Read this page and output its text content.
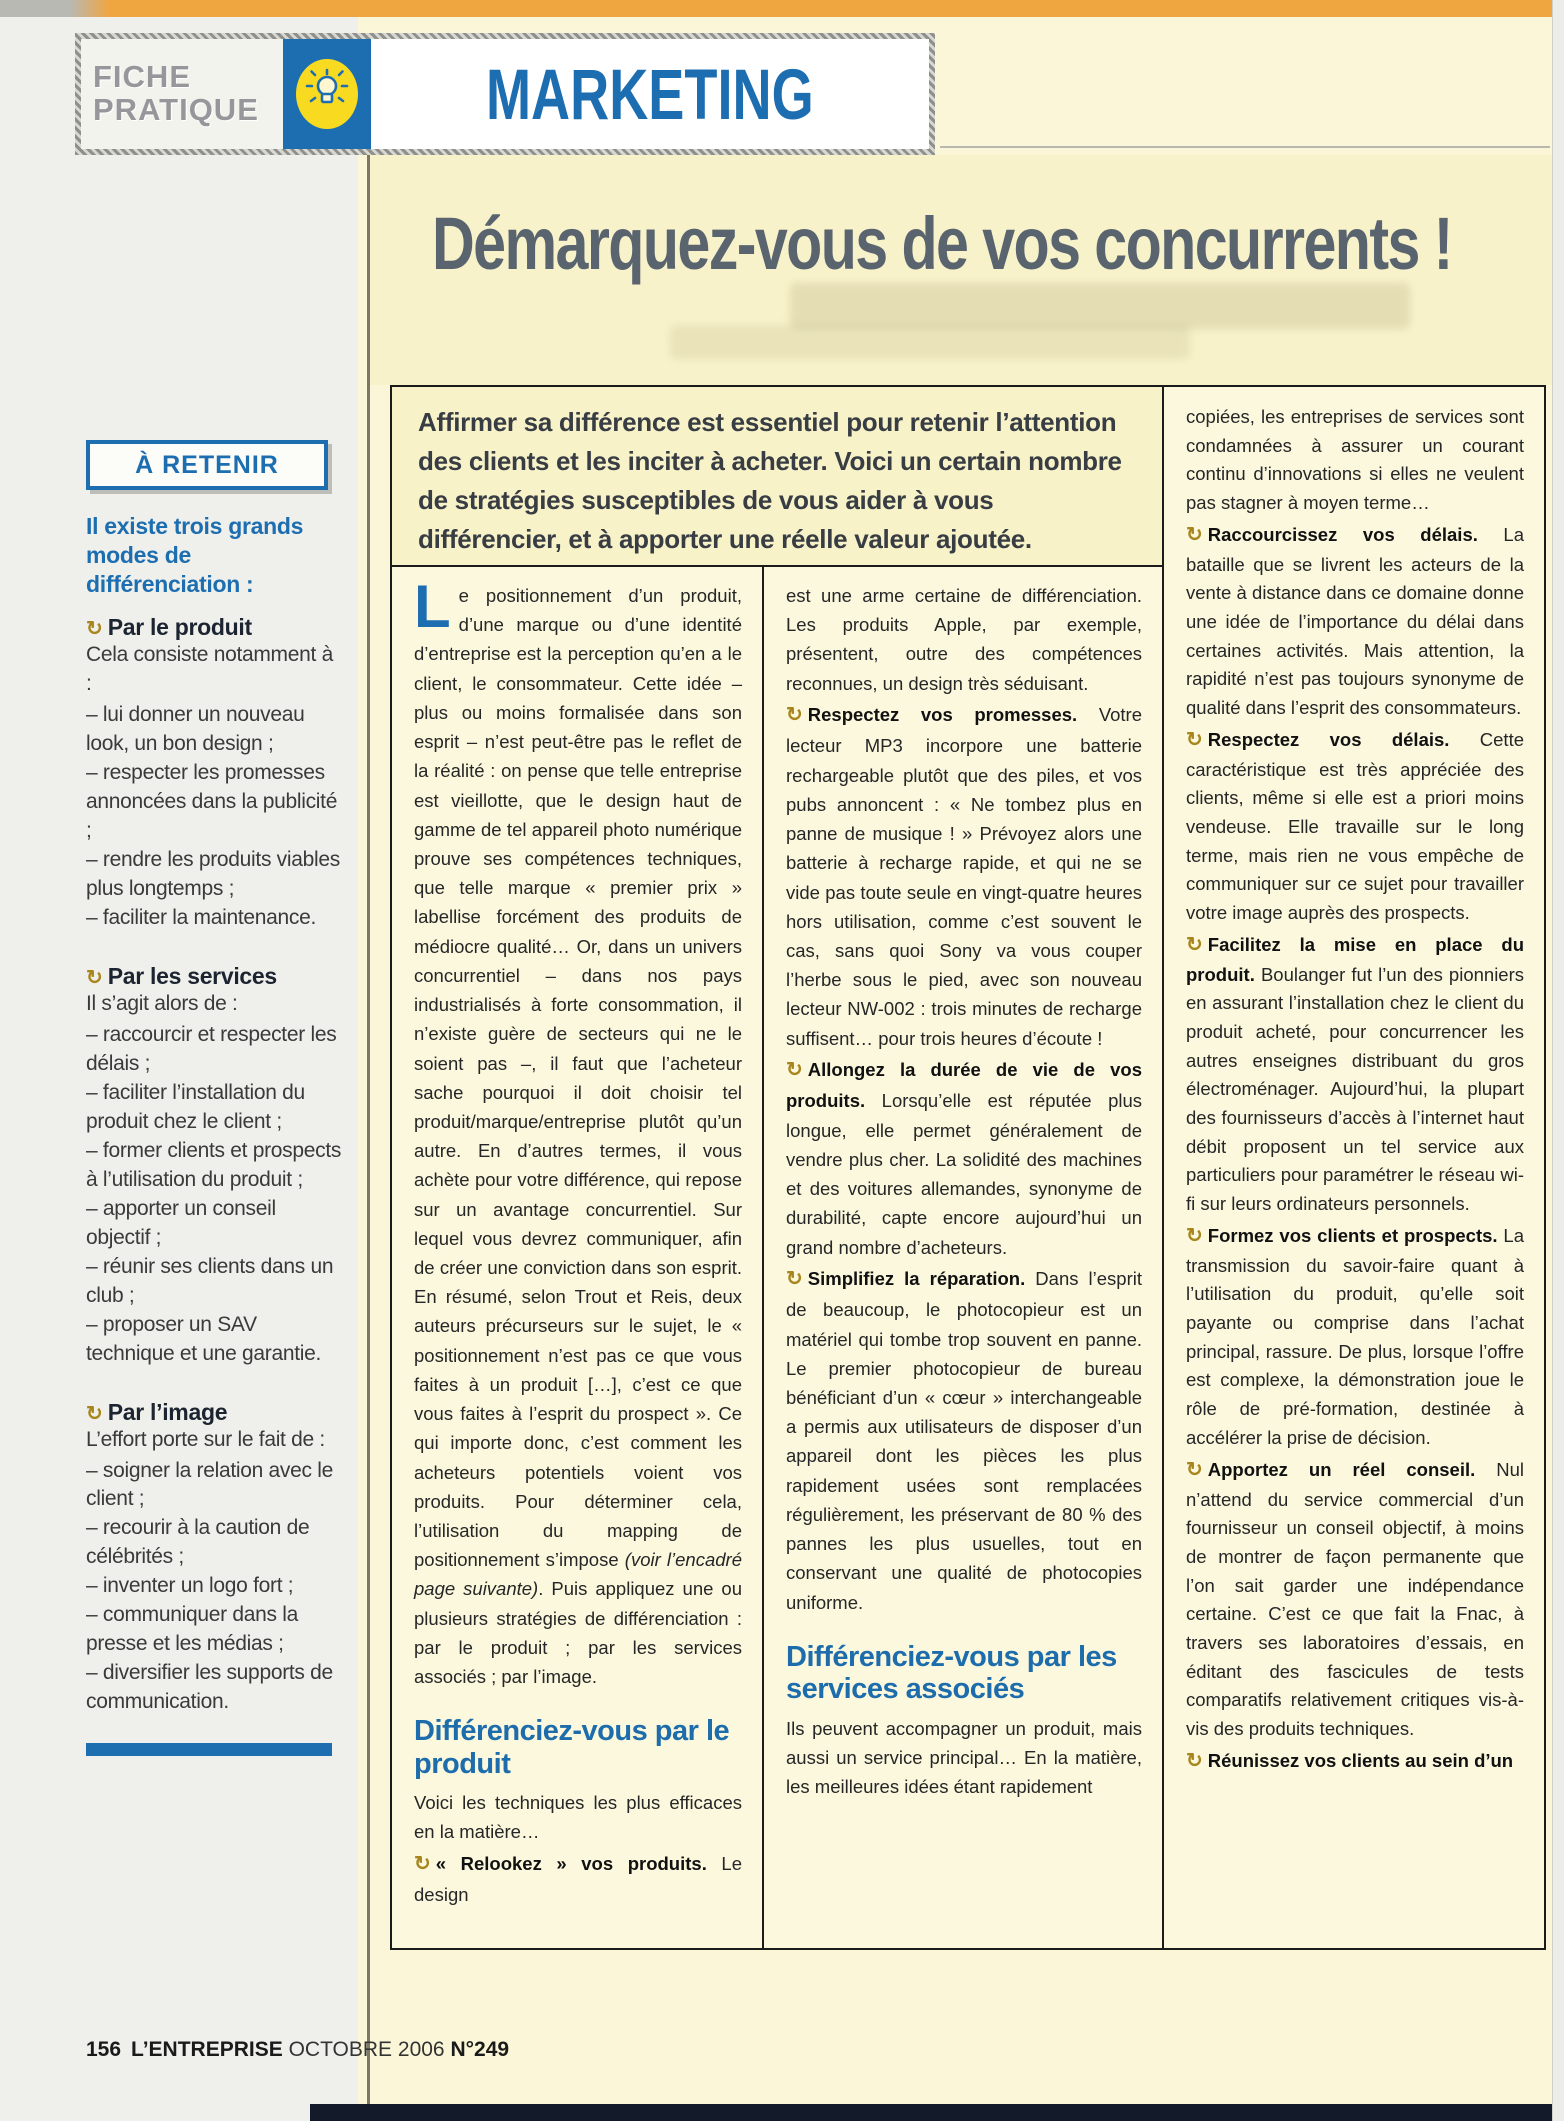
FICHE
PRATIQUE	MARKETING
Démarquez-vous de vos concurrents !

Affirmer sa différence est essentiel pour retenir l’attention des clients et les inciter à acheter. Voici un certain nombre de stratégies susceptibles de vous aider à vous différencier, et à apporter une réelle valeur ajoutée.

Le positionnement d’un produit, d’une marque ou d’une identité d’entreprise est la perception qu’en a le client, le consommateur. Cette idée – plus ou moins formalisée dans son esprit – n’est peut-être pas le reflet de la réalité : on pense que telle entreprise est vieillotte, que le design haut de gamme de tel appareil photo numérique prouve ses compétences techniques, que telle marque « premier prix » labellise forcément des produits de médiocre qualité… Or, dans un univers concurrentiel – dans nos pays industrialisés à forte consommation, il n’existe guère de secteurs qui ne le soient pas –, il faut que l’acheteur sache pourquoi il doit choisir tel produit/marque/entreprise plutôt qu’un autre. En d’autres termes, il vous achète pour votre différence, qui repose sur un avantage concurrentiel. Sur lequel vous devrez communiquer, afin de créer une conviction dans son esprit. En résumé, selon Trout et Reis, deux auteurs précurseurs sur le sujet, le « positionnement n’est pas ce que vous faites à un produit […], c’est ce que vous faites à l’esprit du prospect ». Ce qui importe donc, c’est comment les acheteurs potentiels voient vos produits. Pour déterminer cela, l’utilisation du mapping de positionnement s’impose (voir l’encadré page suivante). Puis appliquez une ou plusieurs stratégies de différenciation : par le produit ; par les services associés ; par l’image.

Différenciez-vous par le produit

Voici les techniques les plus efficaces en la matière…

↻ « Relookez » vos produits. Le design

est une arme certaine de différenciation. Les produits Apple, par exemple, présentent, outre des compétences reconnues, un design très séduisant.

↻ Respectez vos promesses. Votre lecteur MP3 incorpore une batterie rechargeable plutôt que des piles, et vos pubs annoncent : « Ne tombez plus en panne de musique ! » Prévoyez alors une batterie à recharge rapide, et qui ne se vide pas toute seule en vingt-quatre heures hors utilisation, comme c’est souvent le cas, sans quoi Sony va vous couper l’herbe sous le pied, avec son nouveau lecteur NW-002 : trois minutes de recharge suffisent… pour trois heures d’écoute !

↻ Allongez la durée de vie de vos produits. Lorsqu’elle est réputée plus longue, elle permet généralement de vendre plus cher. La solidité des machines et des voitures allemandes, synonyme de durabilité, capte encore aujourd’hui un grand nombre d’acheteurs.

↻ Simplifiez la réparation. Dans l’esprit de beaucoup, le photocopieur est un matériel qui tombe trop souvent en panne. Le premier photocopieur de bureau bénéficiant d’un « cœur » interchangeable a permis aux utilisateurs de disposer d’un appareil dont les pièces les plus rapidement usées sont remplacées régulièrement, les préservant de 80 % des pannes les plus usuelles, tout en conservant une qualité de photocopies uniforme.

Différenciez-vous par les services associés

Ils peuvent accompagner un produit, mais aussi un service principal… En la matière, les meilleures idées étant rapidement

copiées, les entreprises de services sont condamnées à assurer un courant continu d’innovations si elles ne veulent pas stagner à moyen terme…

↻ Raccourcissez vos délais. La bataille que se livrent les acteurs de la vente à distance dans ce domaine donne une idée de l’importance du délai dans certaines activités. Mais attention, la rapidité n’est pas toujours synonyme de qualité dans l’esprit des consommateurs.

↻ Respectez vos délais. Cette caractéristique est très appréciée des clients, même si elle est a priori moins vendeuse. Elle travaille sur le long terme, mais rien ne vous empêche de communiquer sur ce sujet pour travailler votre image auprès des prospects.

↻ Facilitez la mise en place du produit. Boulanger fut l’un des pionniers en assurant l’installation chez le client du produit acheté, pour concurrencer les autres enseignes distribuant du gros électroménager. Aujourd’hui, la plupart des fournisseurs d’accès à l’internet haut débit proposent un tel service aux particuliers pour paramétrer le réseau wi-fi sur leurs ordinateurs personnels.

↻ Formez vos clients et prospects. La transmission du savoir-faire quant à l’utilisation du produit, qu’elle soit payante ou comprise dans l’achat principal, rassure. De plus, lorsque l’offre est complexe, la démonstration joue le rôle de pré-formation, destinée à accélérer la prise de décision.

↻ Apportez un réel conseil. Nul n’attend du service commercial d’un fournisseur un conseil objectif, à moins de montrer de façon permanente que l’on sait garder une indépendance certaine. C’est ce que fait la Fnac, à travers ses laboratoires d’essais, en éditant des fascicules de tests comparatifs relativement critiques vis-à-vis des produits techniques.

↻ Réunissez vos clients au sein d’un

À RETENIR
Il existe trois grands modes de différenciation :
↻ Par le produit
Cela consiste notamment à :
– lui donner un nouveau look, un bon design ;
– respecter les promesses annoncées dans la publicité ;
– rendre les produits viables plus longtemps ;
– faciliter la maintenance.
↻ Par les services
Il s’agit alors de :
– raccourcir et respecter les délais ;
– faciliter l’installation du produit chez le client ;
– former clients et prospects à l’utilisation du produit ;
– apporter un conseil objectif ;
– réunir ses clients dans un club ;
– proposer un SAV technique et une garantie.
↻ Par l’image
L’effort porte sur le fait de :
– soigner la relation avec le client ;
– recourir à la caution de célébrités ;
– inventer un logo fort ;
– communiquer dans la presse et les médias ;
– diversifier les supports de communication.
156 L’ENTREPRISE OCTOBRE 2006 N°249
